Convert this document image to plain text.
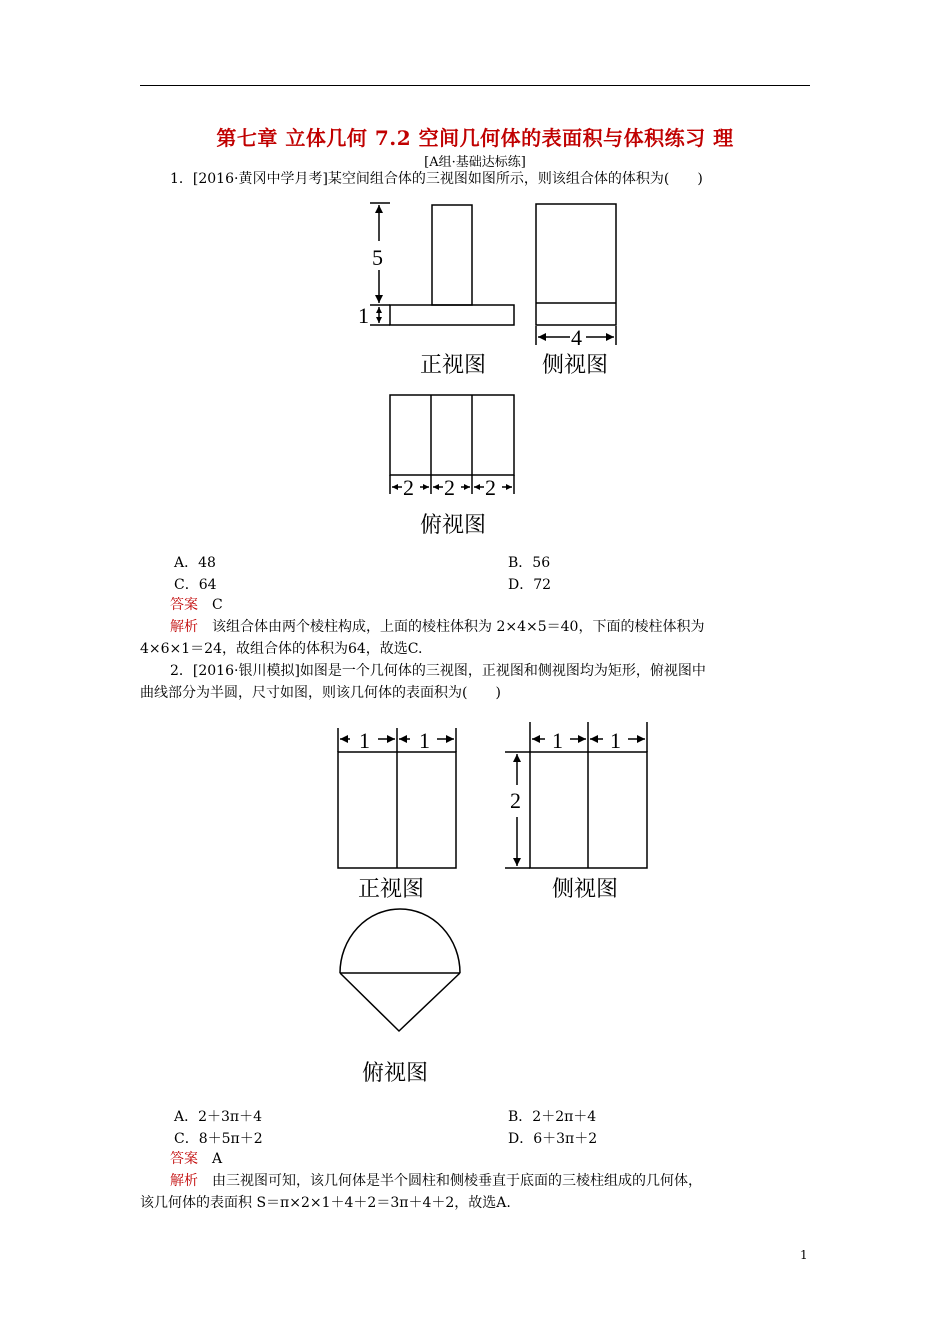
第七章 立体几何 7.2 空间几何体的表面积与体积练习 理
[A组·基础达标练]
1．[2016·黄冈中学月考]某空间组合体的三视图如图所示，则该组合体的体积为(　　)
5
1
4
2 2 2
正视图	侧视图
俯视图
A．48	B．56
C．64	D．72
答案 C
解析 该组合体由两个棱柱构成，上面的棱柱体积为 2×4×5＝40，下面的棱柱体积为
4×6×1＝24，故组合体的体积为64，故选C.
2．[2016·银川模拟]如图是一个几何体的三视图，正视图和侧视图均为矩形，俯视图中
曲线部分为半圆，尺寸如图，则该几何体的表面积为(　　)
1 1	1 1
2
正视图	侧视图
俯视图
A．2＋3π＋4	B．2＋2π＋4
C．8＋5π＋2	D．6＋3π＋2
答案 A
解析 由三视图可知，该几何体是半个圆柱和侧棱垂直于底面的三棱柱组成的几何体，
该几何体的表面积 S＝π×2×1＋4＋2＝3π＋4＋2，故选A.
1
